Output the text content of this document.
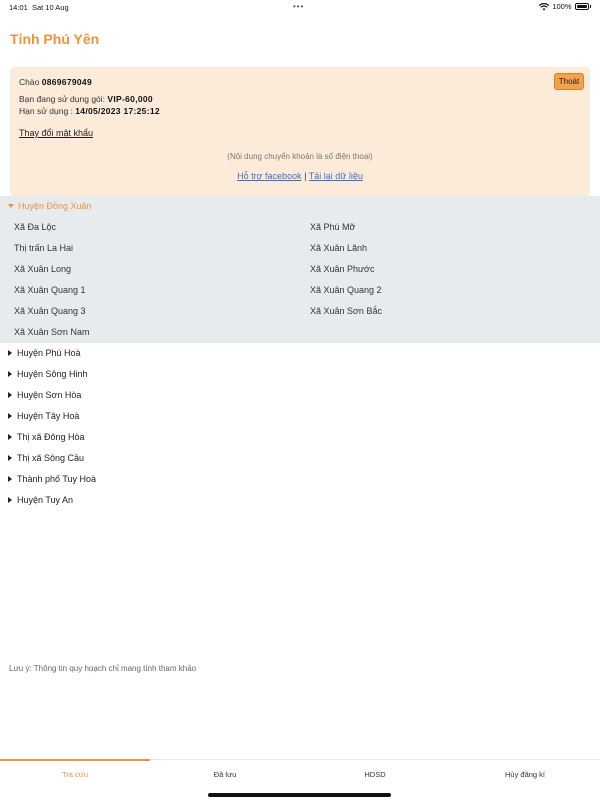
14:01 Sat 10 Aug	•••	100%
Tỉnh Phú Yên
Chào 0869679049
Bạn đang sử dụng gói: VIP-60,000
Hạn sử dụng : 14/05/2023 17:25:12
Thoát
Thay đổi mật khẩu
(Nội dung chuyển khoản là số điện thoại)
Hỗ trợ facebook | Tải lại dữ liệu
Huyện Đồng Xuân
Xã Đa Lộc	Xã Phú Mỡ
Thị trấn La Hai	Xã Xuân Lãnh
Xã Xuân Long	Xã Xuân Phước
Xã Xuân Quang 1	Xã Xuân Quang 2
Xã Xuân Quang 3	Xã Xuân Sơn Bắc
Xã Xuân Sơn Nam
Huyện Phú Hoà
Huyện Sông Hinh
Huyện Sơn Hòa
Huyện Tây Hoà
Thị xã Đông Hòa
Thị xã Sông Cầu
Thành phố Tuy Hoà
Huyện Tuy An
Lưu ý: Thông tin quy hoạch chỉ mang tính tham khảo
Tra cứu	Đã lưu	HDSD	Hủy đăng kí
